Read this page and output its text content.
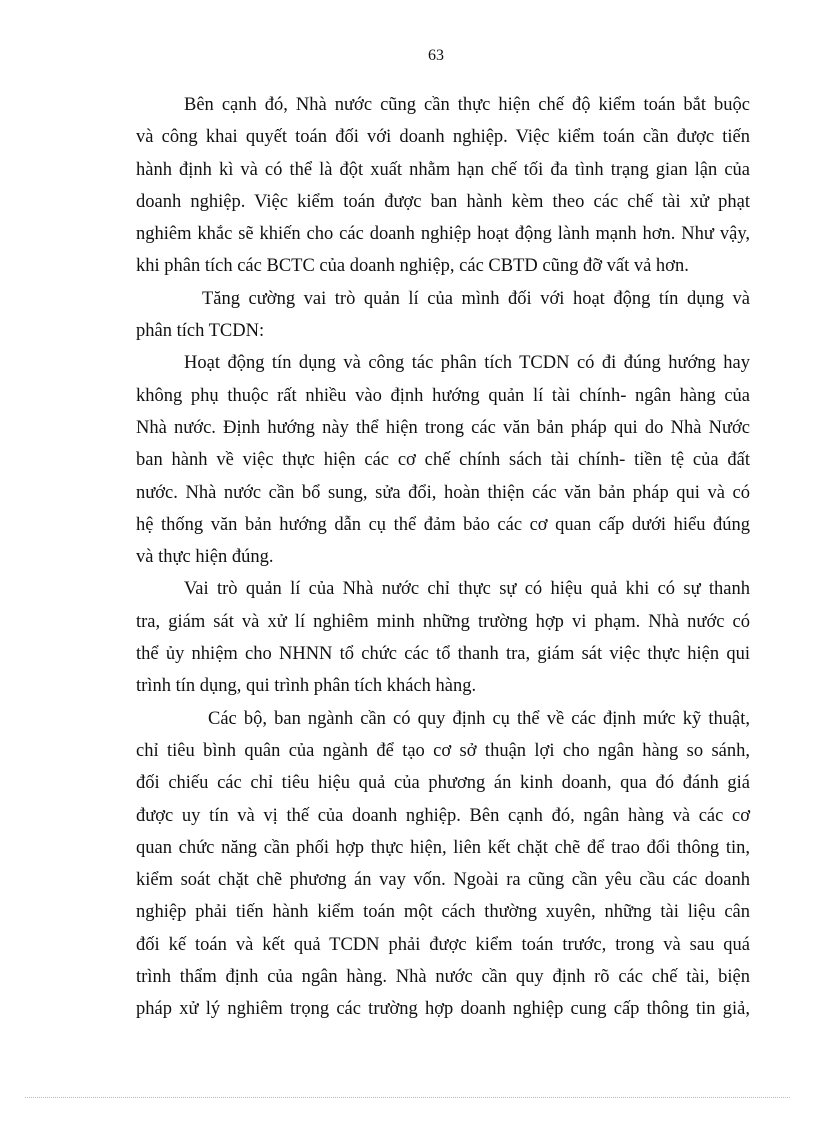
63
Bên cạnh đó, Nhà nước cũng cần thực hiện chế độ kiểm toán bắt buộc
và công khai quyết toán đối với doanh nghiệp. Việc kiểm toán cần được tiến
hành định kì và có thể là đột xuất nhằm hạn chế tối đa tình trạng gian lận của
doanh nghiệp. Việc kiểm toán được ban hành kèm theo các chế tài xử phạt
nghiêm khắc sẽ khiến cho các doanh nghiệp hoạt động lành mạnh hơn. Như vậy,
khi phân tích các BCTC của doanh nghiệp, các CBTD cũng đỡ vất vả hơn.
Tăng cường vai trò quản lí của mình đối với hoạt động tín dụng và
phân tích TCDN:
Hoạt động tín dụng và công tác phân tích TCDN có đi đúng hướng hay
không phụ thuộc rất nhiều vào định hướng quản lí tài chính- ngân hàng của
Nhà nước. Định hướng này thể hiện trong các văn bản pháp qui do Nhà Nước
ban hành về việc thực hiện các cơ chế chính sách tài chính- tiền tệ của đất
nước. Nhà nước cần bổ sung, sửa đổi, hoàn thiện các văn bản pháp qui và có
hệ thống văn bản hướng dẫn cụ thể đảm bảo các cơ quan cấp dưới hiểu đúng
và thực hiện đúng.
Vai trò quản lí của Nhà nước chỉ thực sự có hiệu quả khi có sự thanh
tra, giám sát và xử lí nghiêm minh những trường hợp vi phạm. Nhà nước có
thể ủy nhiệm cho NHNN tổ chức các tổ thanh tra, giám sát việc thực hiện qui
trình tín dụng, qui trình phân tích khách hàng.
Các bộ, ban ngành cần có quy định cụ thể về các định mức kỹ thuật,
chỉ tiêu bình quân của ngành để tạo cơ sở thuận lợi cho ngân hàng so sánh,
đối chiếu các chỉ tiêu hiệu quả của phương án kinh doanh, qua đó đánh giá
được uy tín và vị thế của doanh nghiệp. Bên cạnh đó, ngân hàng và các cơ
quan chức năng cần phối hợp thực hiện, liên kết chặt chẽ để trao đổi thông tin,
kiểm soát chặt chẽ phương án vay vốn. Ngoài ra cũng cần yêu cầu các doanh
nghiệp phải tiến hành kiểm toán một cách thường xuyên, những tài liệu cân
đối kế toán và kết quả TCDN phải được kiểm toán trước, trong và sau quá
trình thẩm định của ngân hàng. Nhà nước cần quy định rõ các chế tài, biện
pháp xử lý nghiêm trọng các trường hợp doanh nghiệp cung cấp thông tin giả,
